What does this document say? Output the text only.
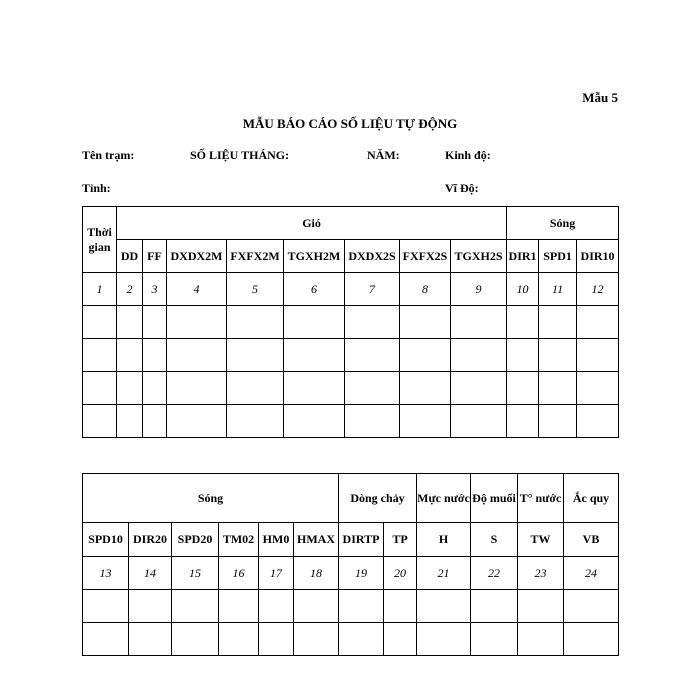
Mẫu 5
MẪU BÁO CÁO SỐ LIỆU TỰ ĐỘNG
Tên trạm:	SỐ LIỆU THÁNG:	NĂM:	Kinh độ:
Tỉnh:	Vĩ Độ:
Thời gian	Gió								Sóng		
	DD	FF	DXDX2M	FXFX2M	TGXH2M	DXDX2S	FXFX2S	TGXH2S	DIR1	SPD1	DIR10
1	2	3	4	5	6	7	8	9	10	11	12

Sóng						Dòng chảy		Mực nước	Độ muối	T° nước	Ắc quy
SPD10	DIR20	SPD20	TM02	HM0	HMAX	DIRTP	TP	H	S	TW	VB
13	14	15	16	17	18	19	20	21	22	23	24
